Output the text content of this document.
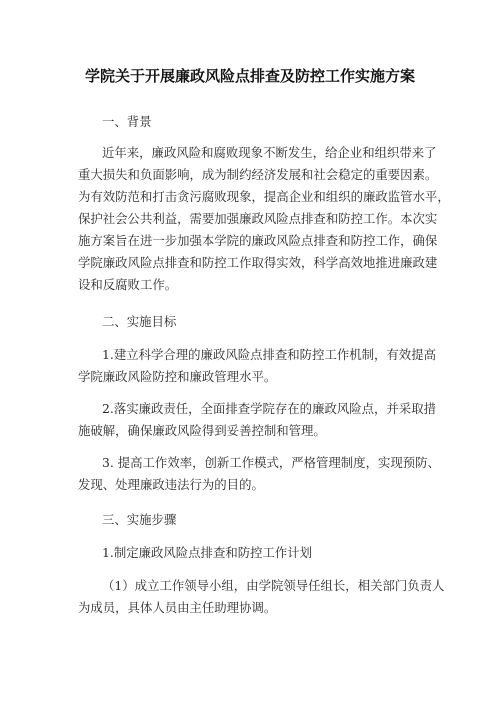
学院关于开展廉政风险点排查及防控工作实施方案
一、背景
近年来，廉政风险和腐败现象不断发生，给企业和组织带来了
重大损失和负面影响，成为制约经济发展和社会稳定的重要因素。
为有效防范和打击贪污腐败现象，提高企业和组织的廉政监管水平，
保护社会公共利益，需要加强廉政风险点排查和防控工作。本次实
施方案旨在进一步加强本学院的廉政风险点排查和防控工作，确保
学院廉政风险点排查和防控工作取得实效，科学高效地推进廉政建
设和反腐败工作。
二、实施目标
1.建立科学合理的廉政风险点排查和防控工作机制，有效提高
学院廉政风险防控和廉政管理水平。
2.落实廉政责任，全面排查学院存在的廉政风险点，并采取措
施破解，确保廉政风险得到妥善控制和管理。
3. 提高工作效率，创新工作模式，严格管理制度，实现预防、
发现、处理廉政违法行为的目的。
三、实施步骤
1.制定廉政风险点排查和防控工作计划
（1）成立工作领导小组，由学院领导任组长，相关部门负责人
为成员，具体人员由主任助理协调。
